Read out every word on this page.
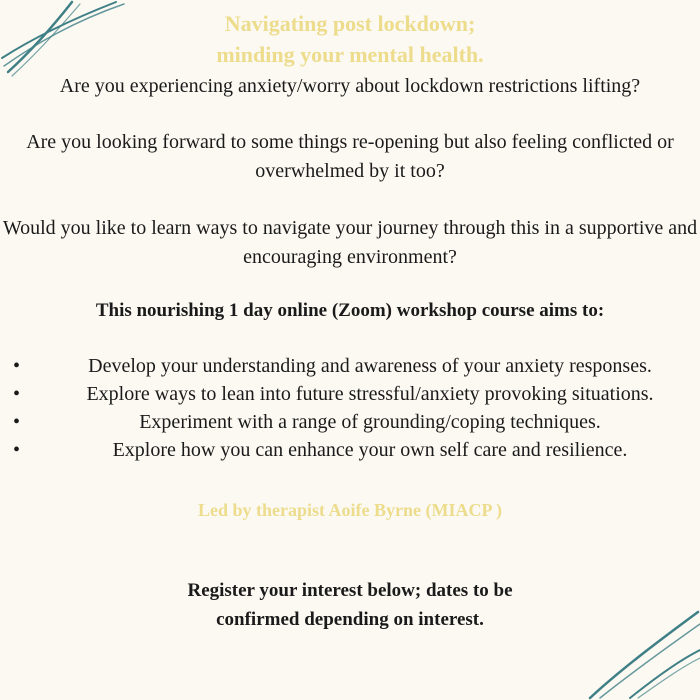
Navigating post lockdown;
minding your mental health.
Are you experiencing anxiety/worry about lockdown restrictions lifting?
Are you looking forward to some things re-opening but also feeling conflicted or overwhelmed by it too?
Would you like to learn ways to navigate your journey through this in a supportive and encouraging environment?
This nourishing 1 day online (Zoom) workshop course aims to:
•	Develop your understanding and awareness of your anxiety responses.
•	Explore ways to lean into future stressful/anxiety provoking situations.
•	Experiment with a range of grounding/coping techniques.
•	Explore how you can enhance your own self care and resilience.
Led by therapist Aoife Byrne (MIACP )
Register your interest below; dates to be
confirmed depending on interest.
